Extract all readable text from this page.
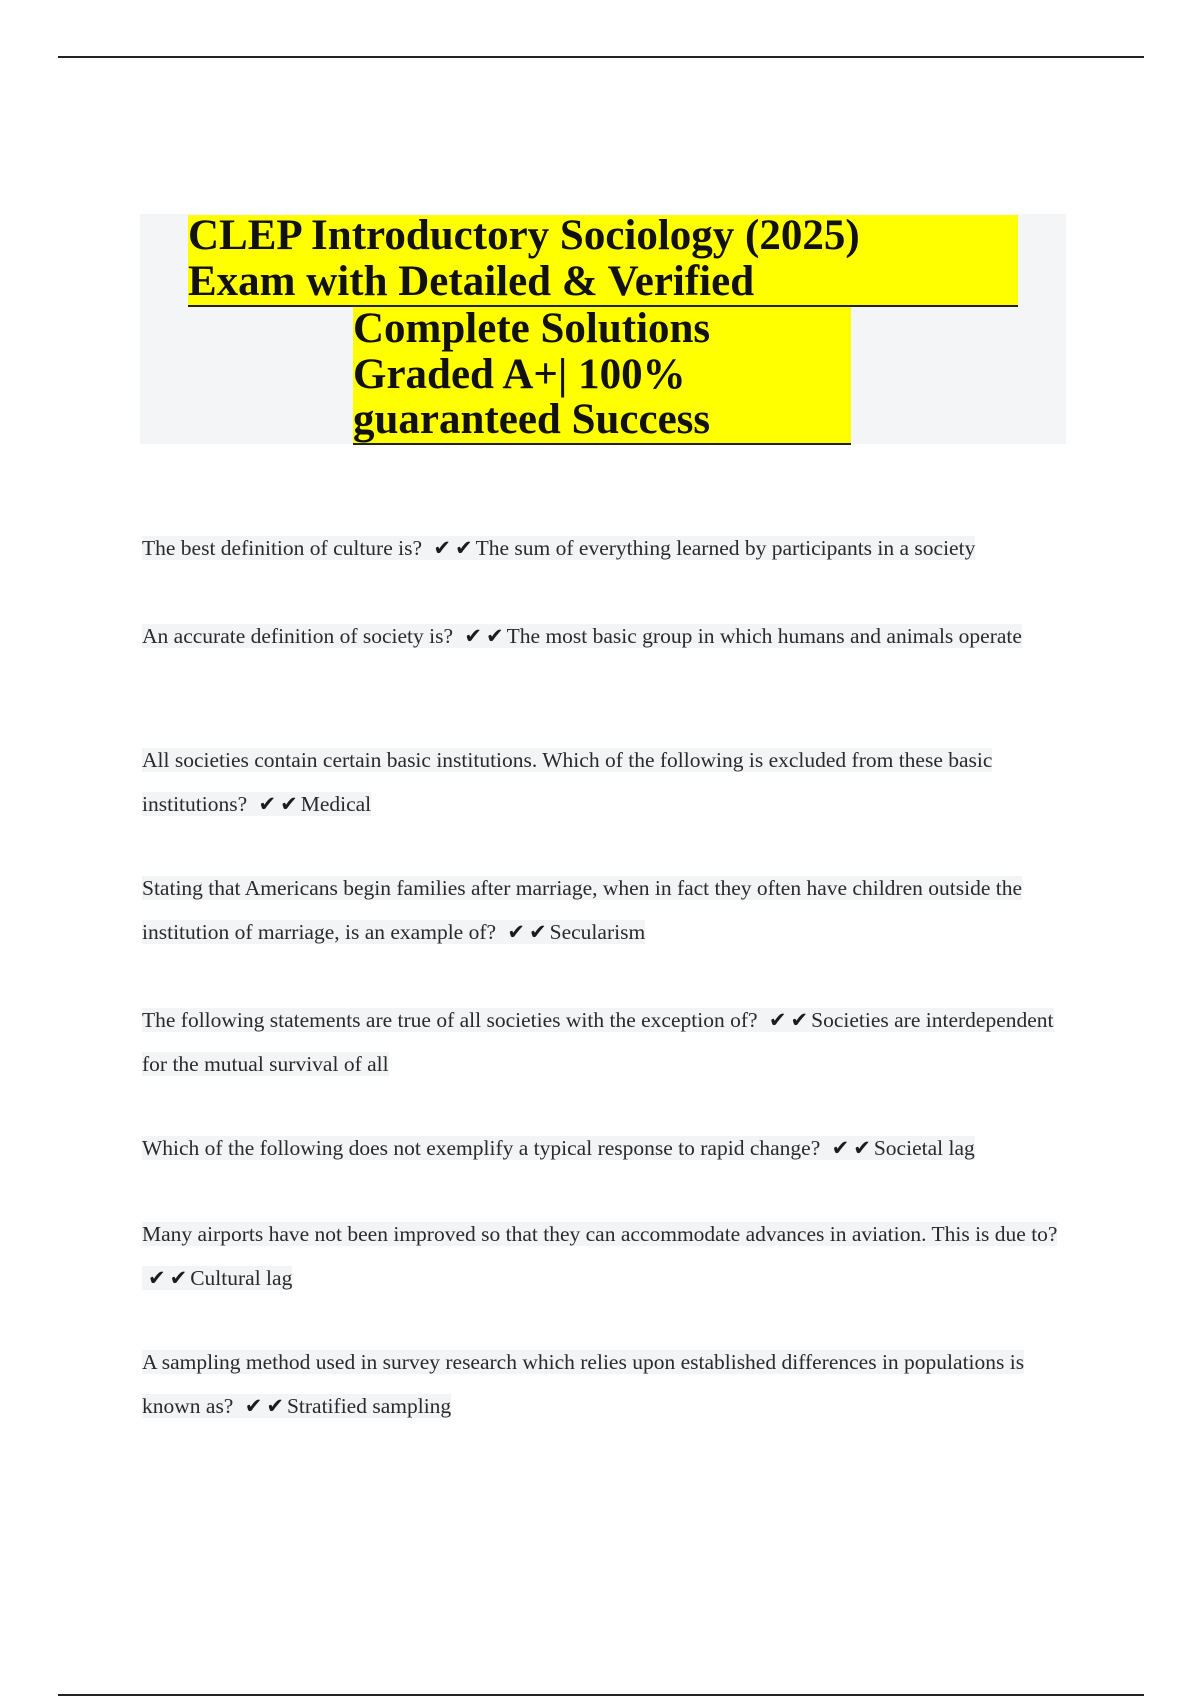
CLEP Introductory Sociology (2025)
Exam with Detailed & Verified
Complete Solutions
Graded A+| 100%
guaranteed Success
The best definition of culture is? ✔ ✔ The sum of everything learned by participants in a society
An accurate definition of society is? ✔ ✔ The most basic group in which humans and animals operate
All societies contain certain basic institutions. Which of the following is excluded from these basic institutions? ✔ ✔ Medical
Stating that Americans begin families after marriage, when in fact they often have children outside the institution of marriage, is an example of? ✔ ✔ Secularism
The following statements are true of all societies with the exception of? ✔ ✔ Societies are interdependent for the mutual survival of all
Which of the following does not exemplify a typical response to rapid change? ✔ ✔ Societal lag
Many airports have not been improved so that they can accommodate advances in aviation. This is due to? ✔ ✔ Cultural lag
A sampling method used in survey research which relies upon established differences in populations is known as? ✔ ✔ Stratified sampling
